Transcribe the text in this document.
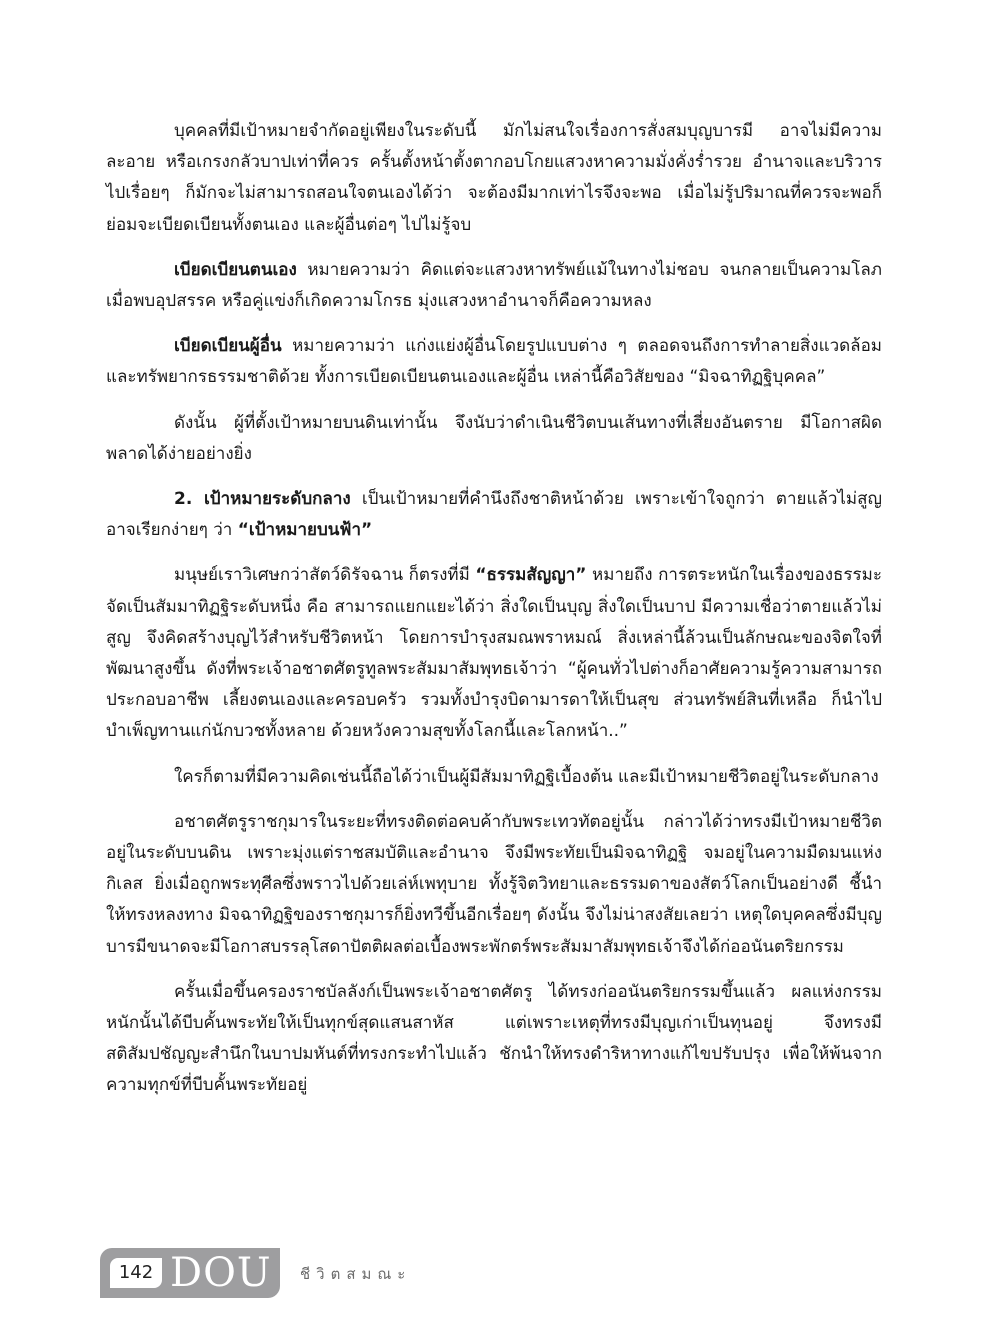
บุคคลที่มีเป้าหมายจำกัดอยู่เพียงในระดับนี้ มักไม่สนใจเรื่องการสั่งสมบุญบารมี อาจไม่มีความละอาย หรือเกรงกลัวบาปเท่าที่ควร ครั้นตั้งหน้าตั้งตากอบโกยแสวงหาความมั่งคั่งร่ำรวย อำนาจและบริวารไปเรื่อยๆ ก็มักจะไม่สามารถสอนใจตนเองได้ว่า จะต้องมีมากเท่าไรจึงจะพอ เมื่อไม่รู้ปริมาณที่ควรจะพอก็ย่อมจะเบียดเบียนทั้งตนเอง และผู้อื่นต่อๆ ไปไม่รู้จบ

เบียดเบียนตนเอง หมายความว่า คิดแต่จะแสวงหาทรัพย์แม้ในทางไม่ชอบ จนกลายเป็นความโลภ เมื่อพบอุปสรรค หรือคู่แข่งก็เกิดความโกรธ มุ่งแสวงหาอำนาจก็คือความหลง

เบียดเบียนผู้อื่น หมายความว่า แก่งแย่งผู้อื่นโดยรูปแบบต่าง ๆ ตลอดจนถึงการทำลายสิ่งแวดล้อมและทรัพยากรธรรมชาติด้วย ทั้งการเบียดเบียนตนเองและผู้อื่น เหล่านี้คือวิสัยของ “มิจฉาทิฏฐิบุคคล”

ดังนั้น ผู้ที่ตั้งเป้าหมายบนดินเท่านั้น จึงนับว่าดำเนินชีวิตบนเส้นทางที่เสี่ยงอันตราย มีโอกาสผิดพลาดได้ง่ายอย่างยิ่ง

2. เป้าหมายระดับกลาง เป็นเป้าหมายที่คำนึงถึงชาติหน้าด้วย เพราะเข้าใจถูกว่า ตายแล้วไม่สูญ อาจเรียกง่ายๆ ว่า “เป้าหมายบนฟ้า”

มนุษย์เราวิเศษกว่าสัตว์ดิรัจฉาน ก็ตรงที่มี “ธรรมสัญญา” หมายถึง การตระหนักในเรื่องของธรรมะ จัดเป็นสัมมาทิฏฐิระดับหนึ่ง คือ สามารถแยกแยะได้ว่า สิ่งใดเป็นบุญ สิ่งใดเป็นบาป มีความเชื่อว่าตายแล้วไม่สูญ จึงคิดสร้างบุญไว้สำหรับชีวิตหน้า โดยการบำรุงสมณพราหมณ์ สิ่งเหล่านี้ล้วนเป็นลักษณะของจิตใจที่พัฒนาสูงขึ้น ดังที่พระเจ้าอชาตศัตรูทูลพระสัมมาสัมพุทธเจ้าว่า “ผู้คนทั่วไปต่างก็อาศัยความรู้ความสามารถประกอบอาชีพ เลี้ยงตนเองและครอบครัว รวมทั้งบำรุงบิดามารดาให้เป็นสุข ส่วนทรัพย์สินที่เหลือ ก็นำไปบำเพ็ญทานแก่นักบวชทั้งหลาย ด้วยหวังความสุขทั้งโลกนี้และโลกหน้า..”

ใครก็ตามที่มีความคิดเช่นนี้ถือได้ว่าเป็นผู้มีสัมมาทิฏฐิเบื้องต้น และมีเป้าหมายชีวิตอยู่ในระดับกลาง

อชาตศัตรูราชกุมารในระยะที่ทรงติดต่อคบค้ากับพระเทวทัตอยู่นั้น กล่าวได้ว่าทรงมีเป้าหมายชีวิตอยู่ในระดับบนดิน เพราะมุ่งแต่ราชสมบัติและอำนาจ จึงมีพระทัยเป็นมิจฉาทิฏฐิ จมอยู่ในความมืดมนแห่งกิเลส ยิ่งเมื่อถูกพระทุศีลซึ่งพราวไปด้วยเล่ห์เพทุบาย ทั้งรู้จิตวิทยาและธรรมดาของสัตว์โลกเป็นอย่างดี ชี้นำให้ทรงหลงทาง มิจฉาทิฏฐิของราชกุมารก็ยิ่งทวีขึ้นอีกเรื่อยๆ ดังนั้น จึงไม่น่าสงสัยเลยว่า เหตุใดบุคคลซึ่งมีบุญบารมีขนาดจะมีโอกาสบรรลุโสดาปัตติผลต่อเบื้องพระพักตร์พระสัมมาสัมพุทธเจ้าจึงได้ก่ออนันตริยกรรม

ครั้นเมื่อขึ้นครองราชบัลลังก์เป็นพระเจ้าอชาตศัตรู ได้ทรงก่ออนันตริยกรรมขึ้นแล้ว ผลแห่งกรรมหนักนั้นได้บีบคั้นพระทัยให้เป็นทุกข์สุดแสนสาหัส แต่เพราะเหตุที่ทรงมีบุญเก่าเป็นทุนอยู่ จึงทรงมีสติสัมปชัญญะสำนึกในบาปมหันต์ที่ทรงกระทำไปแล้ว ชักนำให้ทรงดำริหาทางแก้ไขปรับปรุง เพื่อให้พ้นจากความทุกข์ที่บีบคั้นพระทัยอยู่

142 DOU ชีวิตสมณะ
